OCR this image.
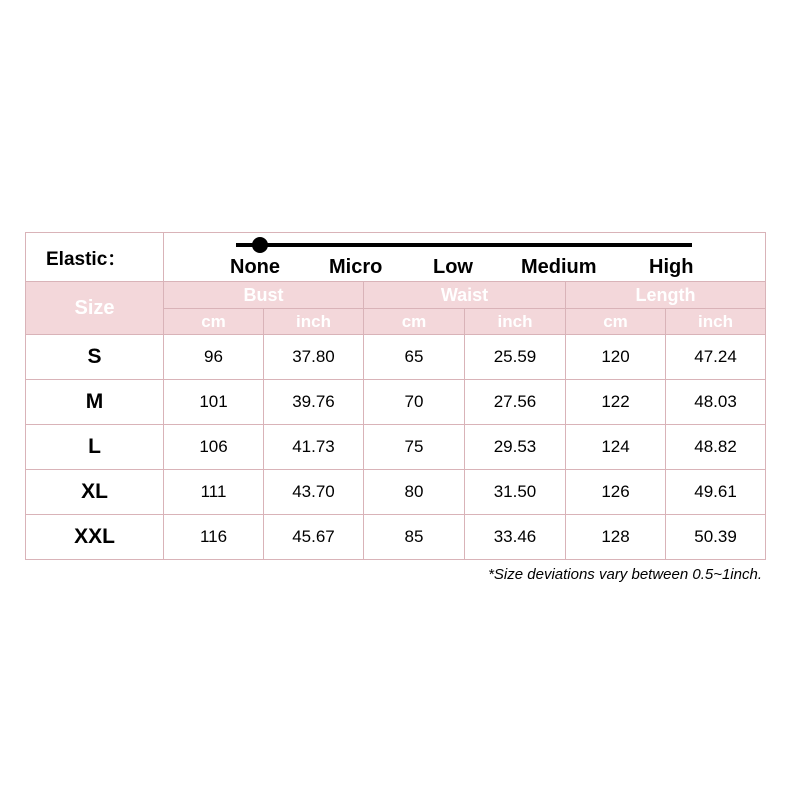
Elastic：	None Micro Low Medium High					

Size	Bust		Waist		Length	
	cm	inch	cm	inch	cm	inch
S	96	37.80	65	25.59	120	47.24
M	101	39.76	70	27.56	122	48.03
L	106	41.73	75	29.53	124	48.82
XL	111	43.70	80	31.50	126	49.61
XXL	116	45.67	85	33.46	128	50.39
*Size deviations vary between 0.5~1inch.
